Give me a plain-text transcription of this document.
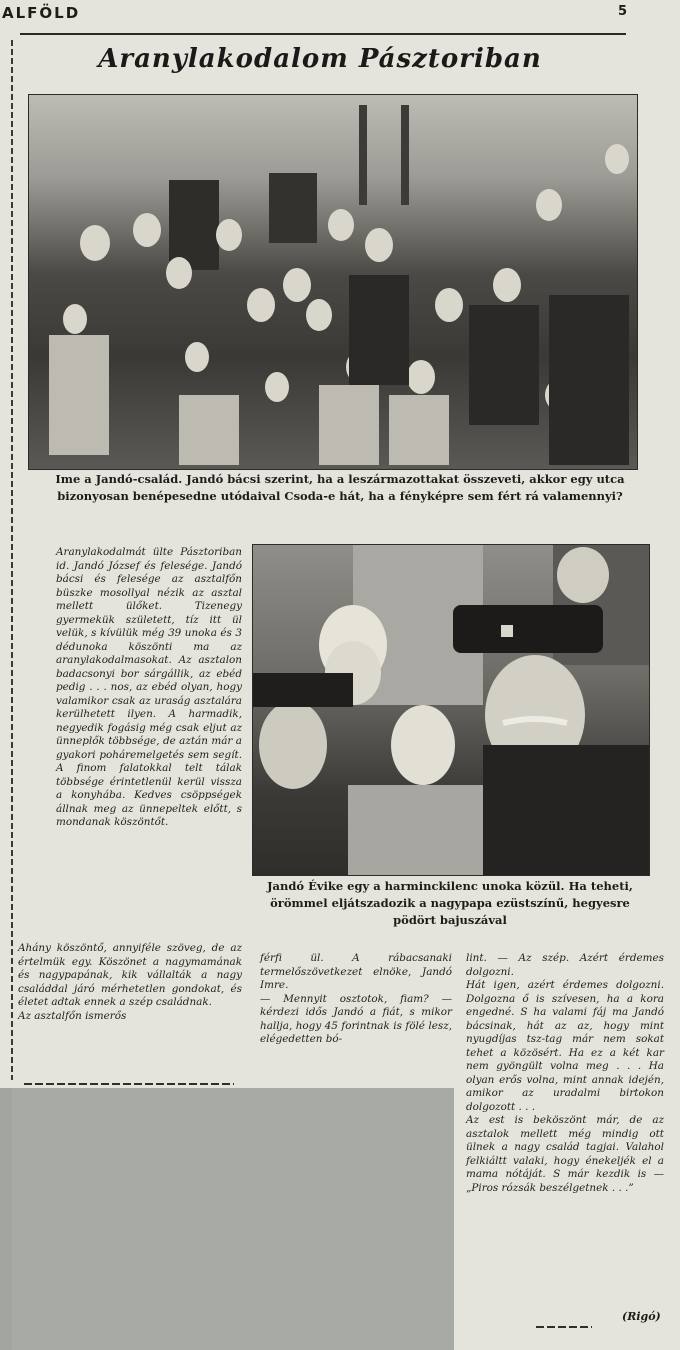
ALFÖLD	5
Aranylakodalom Pásztoriban
Ime a Jandó-család. Jandó bácsi szerint, ha a leszármazottakat összeveti, akkor egy utca bizonyosan benépesedne utódaival Csoda-e hát, ha a fényképre sem fért rá valamennyi?
Jandó Évike egy a harminckilenc unoka közül. Ha teheti, örömmel eljátszadozik a nagypapa ezüstszínű, hegyesre pödört bajuszával
Aranylakodalmát ülte Pásztoriban id. Jandó József és felesége. Jandó bácsi és felesége az asztalfőn büszke mosollyal nézik az asztal mellett ülőket. Tizenegy gyermekük született, tíz itt ül velük, s kívülük még 39 unoka és 3 dédunoka köszönti ma az aranylakodalmasokat. Az asztalon badacsonyi bor sárgállik, az ebéd pedig . . . nos, az ebéd olyan, hogy valamikor csak az uraság asztalára kerülhetett ilyen. A harmadik, negyedik fogásig még csak eljut az ünneplők többsége, de aztán már a gyakori poháremelgetés sem segít. A finom falatokkal telt tálak többsége érintetlenül kerül vissza a konyhába. Kedves csöppségek állnak meg az ünnepeltek előtt, s mondanak köszöntőt.
Ahány köszöntő, annyiféle szöveg, de az értelmük egy. Köszönet a nagymamának és nagypapának, kik vállalták a nagy családdal járó mérhetetlen gondokat, és életet adtak ennek a szép családnak.
Az asztalfőn ismerős
férfi ül. A rábacsanaki termelőszövetkezet elnöke, Jandó Imre.
— Mennyit osztotok, fiam? — kérdezi idős Jandó a fiát, s mikor hallja, hogy 45 forintnak is fölé lesz, elégedetten bó-
lint. — Az szép. Azért érdemes dolgozni.
Hát igen, azért érdemes dolgozni. Dolgozna ő is szívesen, ha a kora engedné. S ha valami fáj ma Jandó bácsinak, hát az az, hogy mint nyugdíjas tsz-tag már nem sokat tehet a közösért. Ha ez a két kar nem gyöngült volna meg . . . Ha olyan erős volna, mint annak idején, amikor az uradalmi birtokon dolgozott . . .
Az est is beköszönt már, de az asztalok mellett még mindig ott ülnek a nagy család tagjai. Valahol felkiáltt valaki, hogy énekeljék el a mama nótáját. S már kezdik is — „Piros rózsák beszélgetnek . . .”
(Rigó)
